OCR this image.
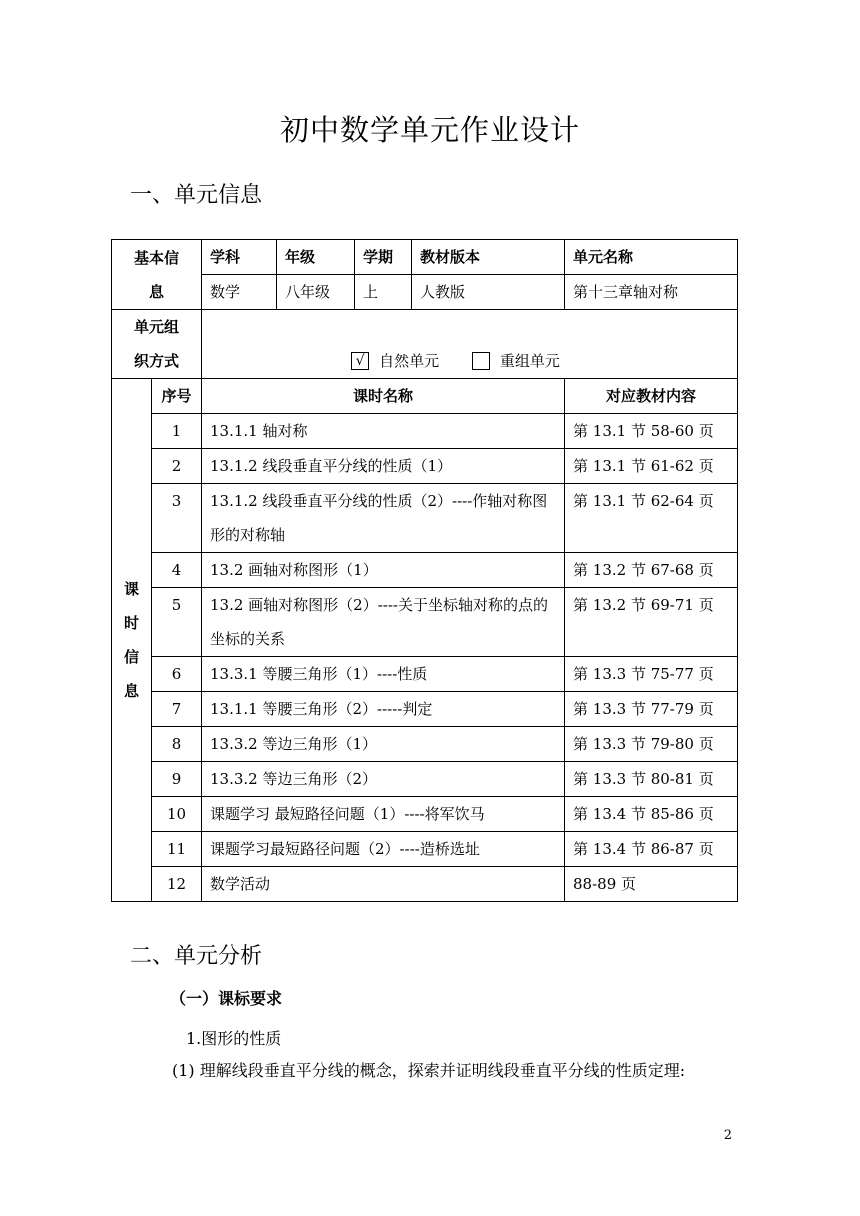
初中数学单元作业设计
一、单元信息
基本信
息		学科	年级	学期	教材版本	单元名称
		数学	八年级	上	人教版	第十三章轴对称

单元组
织方式		√ 自然单元 重组单元				

课
时
信
息	序号	课时名称				对应教材内容
	1	13.1.1 轴对称				第 13.1 节 58-60 页
	2	13.1.2 线段垂直平分线的性质（1）				第 13.1 节 61-62 页
	3	13.1.2 线段垂直平分线的性质（2）----作轴对称图形的对称轴				第 13.1 节 62-64 页
	4	13.2 画轴对称图形（1）				第 13.2 节 67-68 页
	5	13.2 画轴对称图形（2）----关于坐标轴对称的点的坐标的关系				第 13.2 节 69-71 页
	6	13.3.1 等腰三角形（1）----性质				第 13.3 节 75-77 页
	7	13.1.1 等腰三角形（2）-----判定				第 13.3 节 77-79 页
	8	13.3.2 等边三角形（1）				第 13.3 节 79-80 页
	9	13.3.2 等边三角形（2）				第 13.3 节 80-81 页
	10	课题学习 最短路径问题（1）----将军饮马				第 13.4 节 85-86 页
	11	课题学习最短路径问题（2）----造桥选址				第 13.4 节 86-87 页
	12	数学活动				88-89 页
二、单元分析
（一）课标要求
1.图形的性质
(1) 理解线段垂直平分线的概念，探索并证明线段垂直平分线的性质定理:
2
